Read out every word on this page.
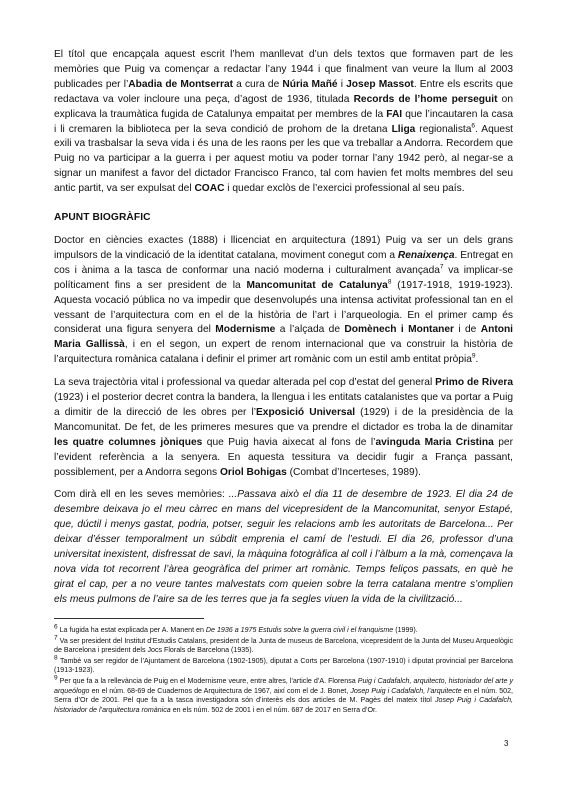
El títol que encapçala aquest escrit l’hem manllevat d’un dels textos que formaven part de les memòries que Puig va començar a redactar l’any 1944 i que finalment van veure la llum al 2003 publicades per l’Abadia de Montserrat a cura de Núria Mañé i Josep Massot. Entre els escrits que redactava va voler incloure una peça, d’agost de 1936, titulada Records de l’home perseguit on explicava la traumàtica fugida de Catalunya empaitat per membres de la FAI que l’incautaren la casa i li cremaren la biblioteca per la seva condició de prohom de la dretana Lliga regionalista$^6$. Aquest exili va trasbalsar la seva vida i és una de les raons per les que va treballar a Andorra. Recordem que Puig no va participar a la guerra i per aquest motiu va poder tornar l’any 1942 però, al negar-se a signar un manifest a favor del dictador Francisco Franco, tal com havien fet molts membres del seu antic partit, va ser expulsat del COAC i quedar exclòs de l’exercici professional al seu país.

APUNT BIOGRÀFIC

Doctor en ciències exactes (1888) i llicenciat en arquitectura (1891) Puig va ser un dels grans impulsors de la vindicació de la identitat catalana, moviment conegut com a Renaixença. Entregat en cos i ànima a la tasca de conformar una nació moderna i culturalment avançada$^7$ va implicar-se políticament fins a ser president de la Mancomunitat de Catalunya$^8$ (1917-1918, 1919-1923). Aquesta vocació pública no va impedir que desenvolupés una intensa activitat professional tan en el vessant de l’arquitectura com en el de la història de l’art i l’arqueologia. En el primer camp és considerat una figura senyera del Modernisme a l’alçada de Domènech i Montaner i de Antoni Maria Gallissà, i en el segon, un expert de renom internacional que va construir la història de l’arquitectura romànica catalana i definir el primer art romànic com un estil amb entitat pròpia$^9$.

La seva trajectòria vital i professional va quedar alterada pel cop d’estat del general Primo de Rivera (1923) i el posterior decret contra la bandera, la llengua i les entitats catalanistes que va portar a Puig a dimitir de la direcció de les obres per l’Exposició Universal (1929) i de la presidència de la Mancomunitat. De fet, de les primeres mesures que va prendre el dictador es troba la de dinamitar les quatre columnes jòniques que Puig havia aixecat al fons de l’avinguda Maria Cristina per l’evident referència a la senyera. En aquesta tessitura va decidir fugir a França passant, possiblement, per a Andorra segons Oriol Bohigas (Combat d’Incerteses, 1989).

Com dirà ell en les seves memòries: ...Passava això el dia 11 de desembre de 1923. El dia 24 de desembre deixava jo el meu càrrec en mans del vicepresident de la Mancomunitat, senyor Estapé, que, dúctil i menys gastat, podria, potser, seguir les relacions amb les autoritats de Barcelona... Per deixar d’ésser temporalment un súbdit emprenia el camí de l’estudi. El dia 26, professor d’una universitat inexistent, disfressat de savi, la màquina fotogràfica al coll i l’àlbum a la mà, començava la nova vida tot recorrent l’àrea geogràfica del primer art romànic. Temps feliços passats, en què he girat el cap, per a no veure tantes malvestats com queien sobre la terra catalana mentre s’omplien els meus pulmons de l’aire sa de les terres que ja fa segles viuen la vida de la civilització...

$^6$ La fugida ha estat explicada per A. Manent en De 1936 a 1975 Estudis sobre la guerra civil i el franquisme (1999).

$^7$ Va ser president del Institut d’Estudis Catalans, president de la Junta de museus de Barcelona, vicepresident de la Junta del Museu Arqueològic de Barcelona i president dels Jocs Florals de Barcelona (1935).

$^8$ També va ser regidor de l’Ajuntament de Barcelona (1902-1905), diputat a Corts per Barcelona (1907-1910) i diputat provincial per Barcelona (1913-1923).

$^9$ Per que fa a la rellevància de Puig en el Modernisme veure, entre altres, l’article d’A. Florensa Puig i Cadafalch, arquitecto, historiador del arte y arqueólogo en el núm. 68-69 de Cuadernos de Arquitectura de 1967, així com el de J. Bonet, Josep Puig i Cadafalch, l’arquitecte en el núm. 502, Serra d’Or de 2001. Pel que fa a la tasca investigadora són d’interès els dos articles de M. Pagès del mateix títol Josep Puig i Cadafalch, historiador de l’arquitectura romànica en els núm. 502 de 2001 i en el núm. 687 de 2017 en Serra d’Or.

3
